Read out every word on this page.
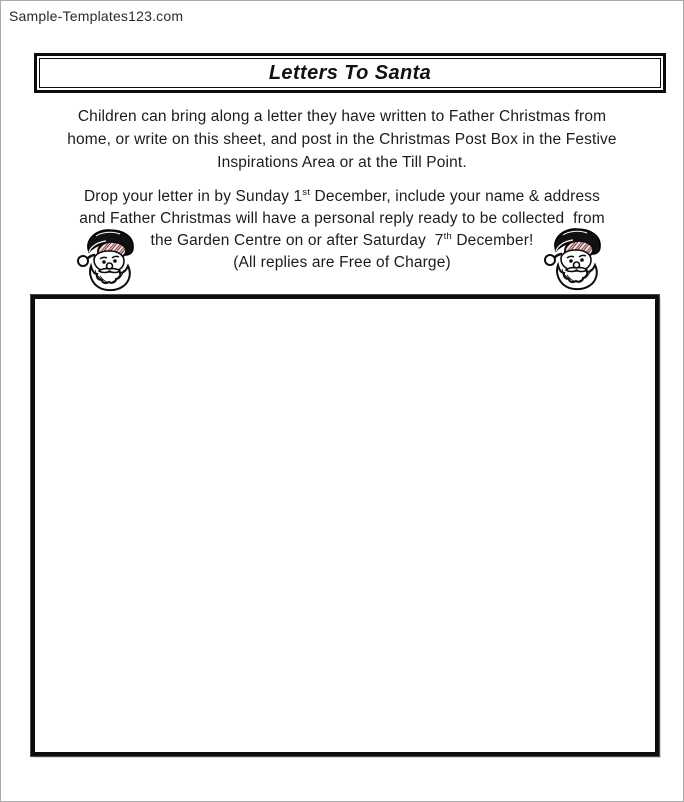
Sample-Templates123.com
Letters To Santa
Children can bring along a letter they have written to Father Christmas from
home, or write on this sheet, and post in the Christmas Post Box in the Festive
Inspirations Area or at the Till Point.
Drop your letter in by Sunday 1st December, include your name & address
and Father Christmas will have a personal reply ready to be collected  from
the Garden Centre on or after Saturday  7th December!
(All replies are Free of Charge)
